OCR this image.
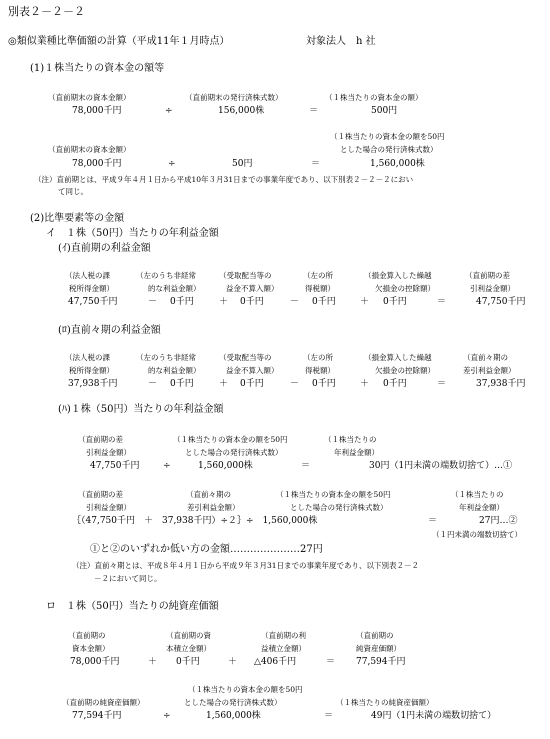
別表２－２－２
◎類似業種比準価額の計算（平成11年１月時点）	対象法人　h 社
(1)１株当たりの資本金の額等
（直前期末の資本金額）	（直前期末の発行済株式数）	（１株当たりの資本金の額）
78,000千円	÷	156,000株	＝	500円
（１株当たりの資本金の額を50円
（直前期末の資本金額）	とした場合の発行済株式数）
78,000千円	÷	50円	＝	1,560,000株
（注）直前期とは、平成９年４月１日から平成10年３月31日までの事業年度であり、以下別表２－２－２におい
て同じ。
(2)比準要素等の金額
イ　１株（50円）当たりの年利益金額
(ｲ)直前期の利益金額
（法人税の課	（左のうち非経常	（受取配当等の	（左の所	（損金算入した繰越	（直前期の差
税所得金額）	的な利益金額）	益金不算入額）	得税額）	欠損金の控除額）	引利益金額）
47,750千円	－ 0千円	＋ 0千円	－ 0千円	＋ 0千円	＝	47,750千円
(ﾛ)直前々期の利益金額
（法人税の課	（左のうち非経常	（受取配当等の	（左の所	（損金算入した繰越	（直前々期の
税所得金額）	的な利益金額）	益金不算入額）	得税額）	欠損金の控除額）	差引利益金額）
37,938千円	－ 0千円	＋ 0千円	－ 0千円	＋ 0千円	＝	37,938千円
(ﾊ)１株（50円）当たりの年利益金額
（直前期の差	（１株当たりの資本金の額を50円	（１株当たりの
引利益金額）	とした場合の発行済株式数）	年利益金額）
47,750千円	÷	1,560,000株	＝	30円（1円未満の端数切捨て）…①
（直前期の差	（直前々期の	（１株当たりの資本金の額を50円	（１株当たりの
引利益金額）	差引利益金額）	とした場合の発行済株式数）	年利益金額）
｛（47,750千円　＋　37,938千円）÷２｝÷　1,560,000株	＝	27円…②
（１円未満の端数切捨て）
①と②のいずれか低い方の金額…………………27円
（注）直前々期とは、平成８年４月１日から平成９年３月31日までの事業年度であり、以下別表２－２
－２において同じ。
ロ　１株（50円）当たりの純資産価額
（直前期の	（直前期の資	（直前期の利	（直前期の
資本金額）	本積立金額）	益積立金額）	純資産価額）
78,000千円	＋ 0千円	＋ △406千円	＝ 77,594千円
（１株当たりの資本金の額を50円
（直前期の純資産価額）	とした場合の発行済株式数）	（１株当たりの純資産価額）
77,594千円	÷	1,560,000株	＝	49円（1円未満の端数切捨て）
